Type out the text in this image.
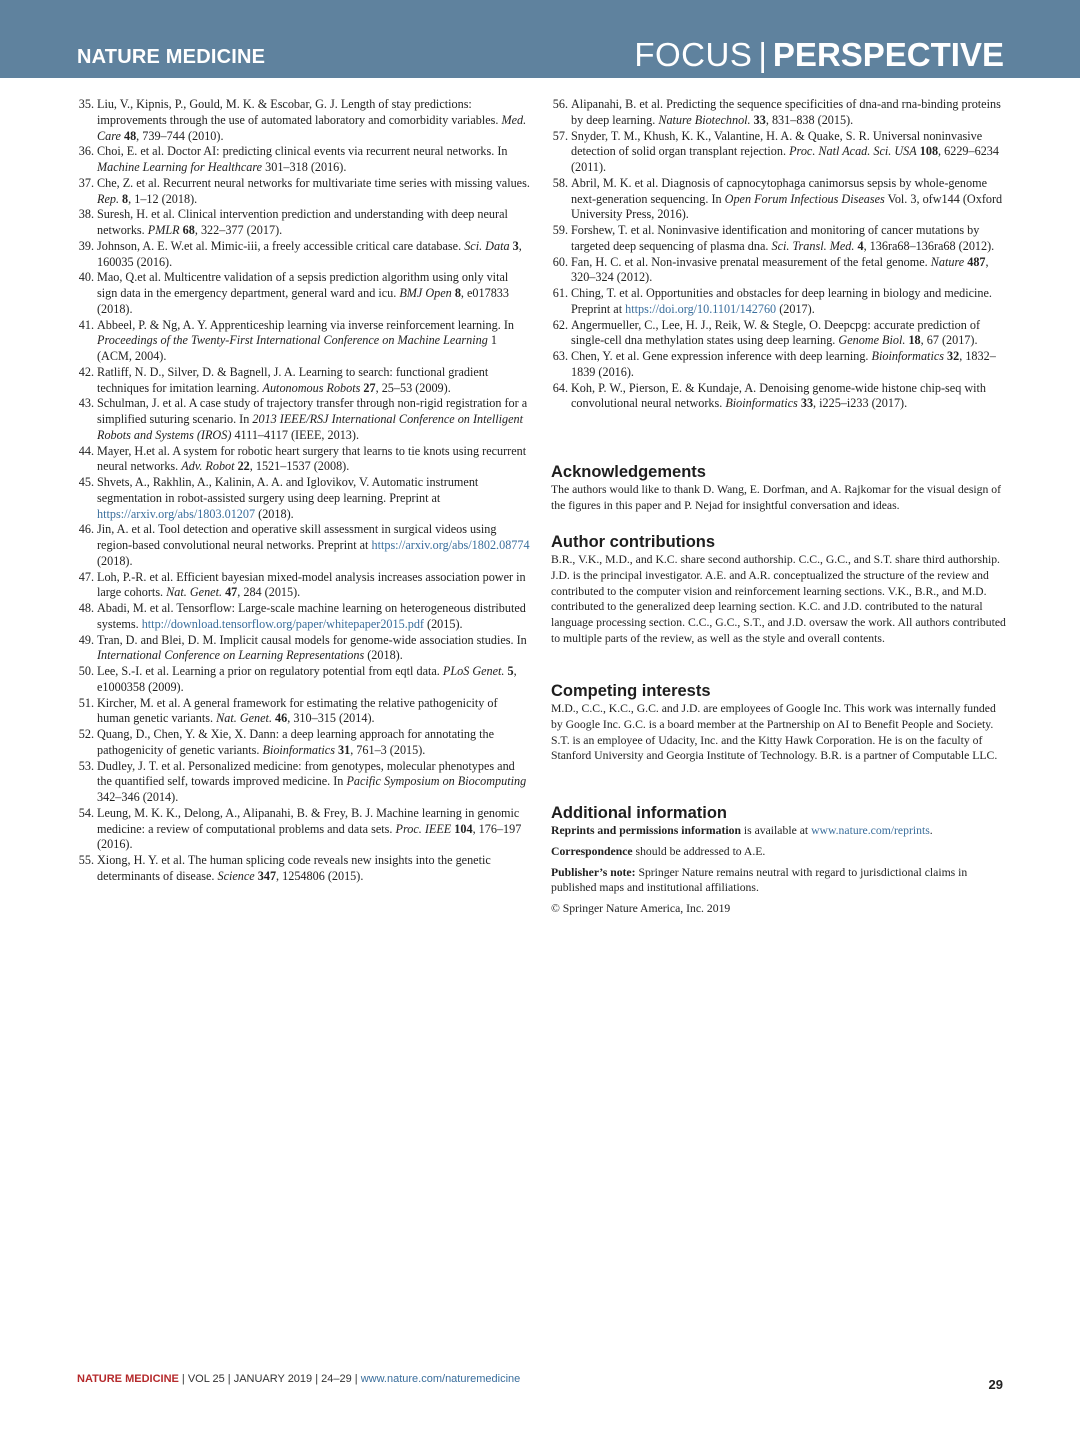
NATURE MEDICINE	FOCUS | PERSPECTIVE
35. Liu, V., Kipnis, P., Gould, M. K. & Escobar, G. J. Length of stay predictions: improvements through the use of automated laboratory and comorbidity variables. Med. Care 48, 739–744 (2010).
36. Choi, E. et al. Doctor AI: predicting clinical events via recurrent neural networks. In Machine Learning for Healthcare 301–318 (2016).
37. Che, Z. et al. Recurrent neural networks for multivariate time series with missing values. Rep. 8, 1–12 (2018).
38. Suresh, H. et al. Clinical intervention prediction and understanding with deep neural networks. PMLR 68, 322–377 (2017).
39. Johnson, A. E. W.et al. Mimic-iii, a freely accessible critical care database. Sci. Data 3, 160035 (2016).
40. Mao, Q.et al. Multicentre validation of a sepsis prediction algorithm using only vital sign data in the emergency department, general ward and icu. BMJ Open 8, e017833 (2018).
41. Abbeel, P. & Ng, A. Y. Apprenticeship learning via inverse reinforcement learning. In Proceedings of the Twenty-First International Conference on Machine Learning 1 (ACM, 2004).
42. Ratliff, N. D., Silver, D. & Bagnell, J. A. Learning to search: functional gradient techniques for imitation learning. Autonomous Robots 27, 25–53 (2009).
43. Schulman, J. et al. A case study of trajectory transfer through non-rigid registration for a simplified suturing scenario. In 2013 IEEE/RSJ International Conference on Intelligent Robots and Systems (IROS) 4111–4117 (IEEE, 2013).
44. Mayer, H.et al. A system for robotic heart surgery that learns to tie knots using recurrent neural networks. Adv. Robot 22, 1521–1537 (2008).
45. Shvets, A., Rakhlin, A., Kalinin, A. A. and Iglovikov, V. Automatic instrument segmentation in robot-assisted surgery using deep learning. Preprint at https://arxiv.org/abs/1803.01207 (2018).
46. Jin, A. et al. Tool detection and operative skill assessment in surgical videos using region-based convolutional neural networks. Preprint at https://arxiv.org/abs/1802.08774 (2018).
47. Loh, P.-R. et al. Efficient bayesian mixed-model analysis increases association power in large cohorts. Nat. Genet. 47, 284 (2015).
48. Abadi, M. et al. Tensorflow: Large-scale machine learning on heterogeneous distributed systems. http://download.tensorflow.org/paper/whitepaper2015.pdf (2015).
49. Tran, D. and Blei, D. M. Implicit causal models for genome-wide association studies. In International Conference on Learning Representations (2018).
50. Lee, S.-I. et al. Learning a prior on regulatory potential from eqtl data. PLoS Genet. 5, e1000358 (2009).
51. Kircher, M. et al. A general framework for estimating the relative pathogenicity of human genetic variants. Nat. Genet. 46, 310–315 (2014).
52. Quang, D., Chen, Y. & Xie, X. Dann: a deep learning approach for annotating the pathogenicity of genetic variants. Bioinformatics 31, 761–3 (2015).
53. Dudley, J. T. et al. Personalized medicine: from genotypes, molecular phenotypes and the quantified self, towards improved medicine. In Pacific Symposium on Biocomputing 342–346 (2014).
54. Leung, M. K. K., Delong, A., Alipanahi, B. & Frey, B. J. Machine learning in genomic medicine: a review of computational problems and data sets. Proc. IEEE 104, 176–197 (2016).
55. Xiong, H. Y. et al. The human splicing code reveals new insights into the genetic determinants of disease. Science 347, 1254806 (2015).
56. Alipanahi, B. et al. Predicting the sequence specificities of dna-and rna-binding proteins by deep learning. Nature Biotechnol. 33, 831–838 (2015).
57. Snyder, T. M., Khush, K. K., Valantine, H. A. & Quake, S. R. Universal noninvasive detection of solid organ transplant rejection. Proc. Natl Acad. Sci. USA 108, 6229–6234 (2011).
58. Abril, M. K. et al. Diagnosis of capnocytophaga canimorsus sepsis by whole-genome next-generation sequencing. In Open Forum Infectious Diseases Vol. 3, ofw144 (Oxford University Press, 2016).
59. Forshew, T. et al. Noninvasive identification and monitoring of cancer mutations by targeted deep sequencing of plasma dna. Sci. Transl. Med. 4, 136ra68–136ra68 (2012).
60. Fan, H. C. et al. Non-invasive prenatal measurement of the fetal genome. Nature 487, 320–324 (2012).
61. Ching, T. et al. Opportunities and obstacles for deep learning in biology and medicine. Preprint at https://doi.org/10.1101/142760 (2017).
62. Angermueller, C., Lee, H. J., Reik, W. & Stegle, O. Deepcpg: accurate prediction of single-cell dna methylation states using deep learning. Genome Biol. 18, 67 (2017).
63. Chen, Y. et al. Gene expression inference with deep learning. Bioinformatics 32, 1832–1839 (2016).
64. Koh, P. W., Pierson, E. & Kundaje, A. Denoising genome-wide histone chip-seq with convolutional neural networks. Bioinformatics 33, i225–i233 (2017).
Acknowledgements

The authors would like to thank D. Wang, E. Dorfman, and A. Rajkomar for the visual design of the figures in this paper and P. Nejad for insightful conversation and ideas.

Author contributions

B.R., V.K., M.D., and K.C. share second authorship. C.C., G.C., and S.T. share third authorship. J.D. is the principal investigator. A.E. and A.R. conceptualized the structure of the review and contributed to the computer vision and reinforcement learning sections. V.K., B.R., and M.D. contributed to the generalized deep learning section. K.C. and J.D. contributed to the natural language processing section. C.C., G.C., S.T., and J.D. oversaw the work. All authors contributed to multiple parts of the review, as well as the style and overall contents.

Competing interests

M.D., C.C., K.C., G.C. and J.D. are employees of Google Inc. This work was internally funded by Google Inc. G.C. is a board member at the Partnership on AI to Benefit People and Society. S.T. is an employee of Udacity, Inc. and the Kitty Hawk Corporation. He is on the faculty of Stanford University and Georgia Institute of Technology. B.R. is a partner of Computable LLC.

Additional information

Reprints and permissions information is available at www.nature.com/reprints.

Correspondence should be addressed to A.E.

Publisher’s note: Springer Nature remains neutral with regard to jurisdictional claims in published maps and institutional affiliations.

© Springer Nature America, Inc. 2019

NATURE MEDICINE | VOL 25 | JANUARY 2019 | 24–29 | www.nature.com/naturemedicine	29
